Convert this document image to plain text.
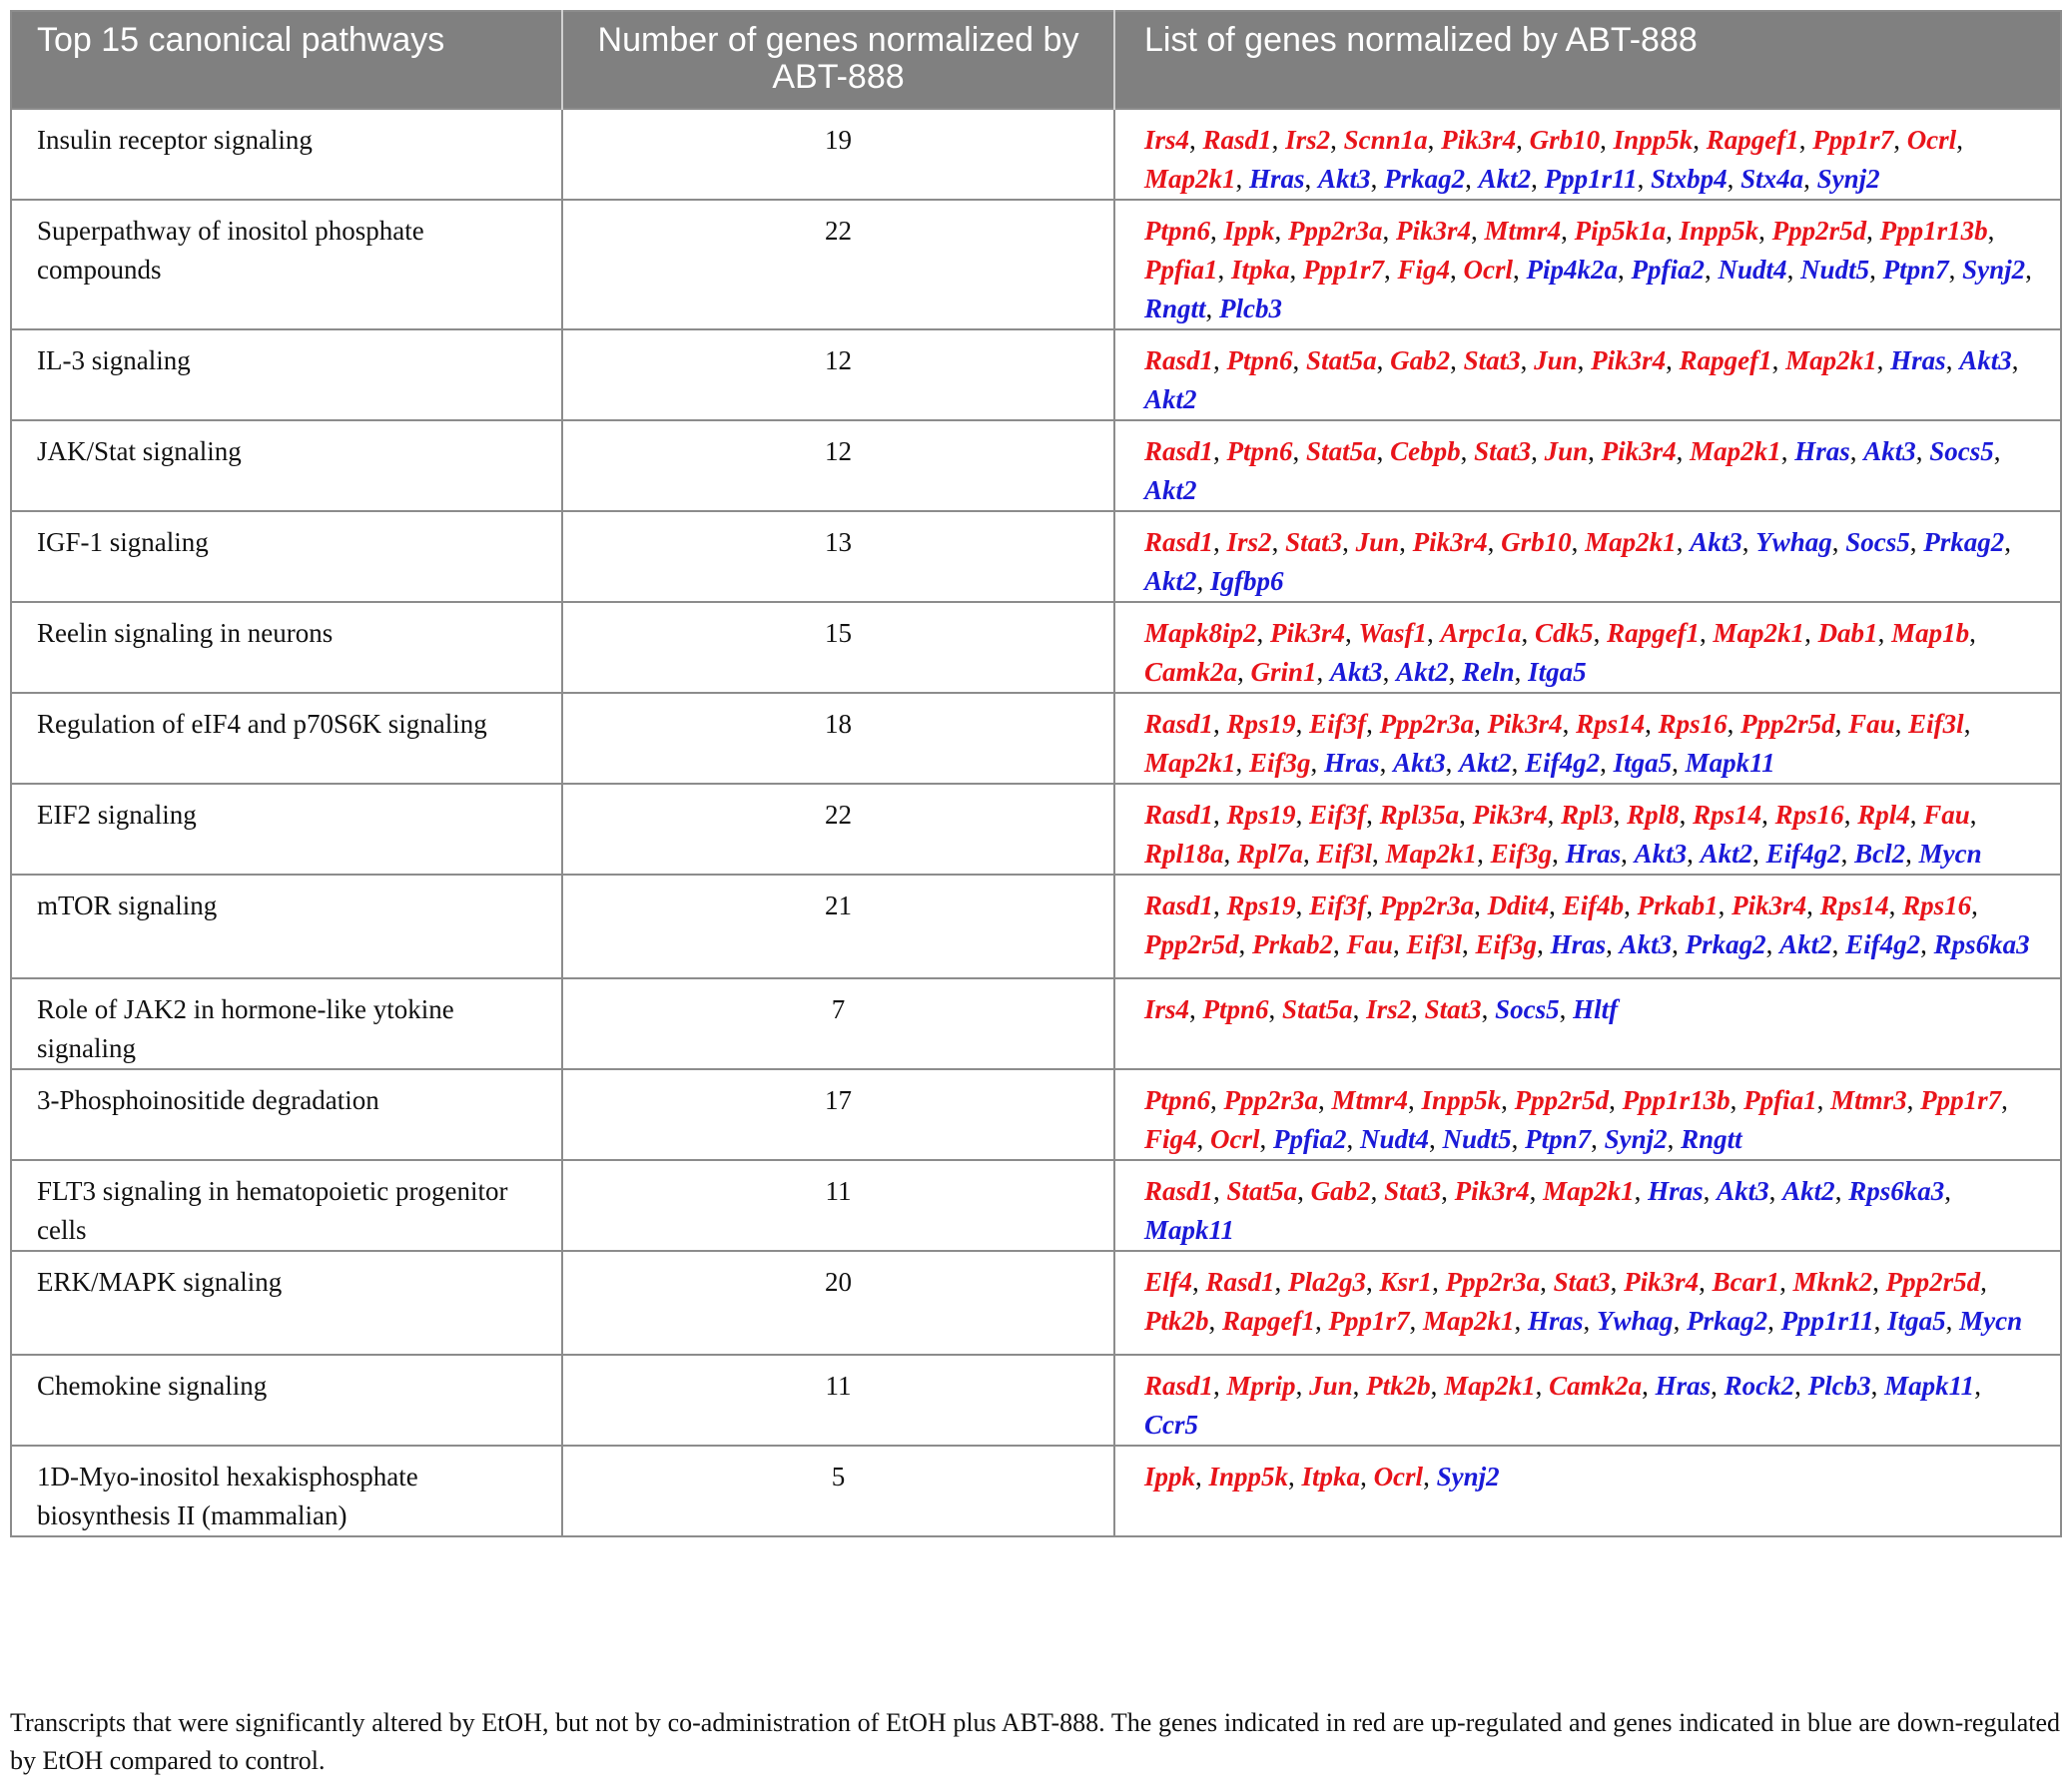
Top 15 canonical pathways	Number of genes normalized by ABT-888	List of genes normalized by ABT-888
Insulin receptor signaling	19	Irs4, Rasd1, Irs2, Scnn1a, Pik3r4, Grb10, Inpp5k, Rapgef1, Ppp1r7, Ocrl, Map2k1, Hras, Akt3, Prkag2, Akt2, Ppp1r11, Stxbp4, Stx4a, Synj2
Superpathway of inositol phosphate compounds	22	Ptpn6, Ippk, Ppp2r3a, Pik3r4, Mtmr4, Pip5k1a, Inpp5k, Ppp2r5d, Ppp1r13b, Ppfia1, Itpka, Ppp1r7, Fig4, Ocrl, Pip4k2a, Ppfia2, Nudt4, Nudt5, Ptpn7, Synj2, Rngtt, Plcb3
IL-3 signaling	12	Rasd1, Ptpn6, Stat5a, Gab2, Stat3, Jun, Pik3r4, Rapgef1, Map2k1, Hras, Akt3, Akt2
JAK/Stat signaling	12	Rasd1, Ptpn6, Stat5a, Cebpb, Stat3, Jun, Pik3r4, Map2k1, Hras, Akt3, Socs5, Akt2
IGF-1 signaling	13	Rasd1, Irs2, Stat3, Jun, Pik3r4, Grb10, Map2k1, Akt3, Ywhag, Socs5, Prkag2, Akt2, Igfbp6
Reelin signaling in neurons	15	Mapk8ip2, Pik3r4, Wasf1, Arpc1a, Cdk5, Rapgef1, Map2k1, Dab1, Map1b, Camk2a, Grin1, Akt3, Akt2, Reln, Itga5
Regulation of eIF4 and p70S6K signaling	18	Rasd1, Rps19, Eif3f, Ppp2r3a, Pik3r4, Rps14, Rps16, Ppp2r5d, Fau, Eif3l, Map2k1, Eif3g, Hras, Akt3, Akt2, Eif4g2, Itga5, Mapk11
EIF2 signaling	22	Rasd1, Rps19, Eif3f, Rpl35a, Pik3r4, Rpl3, Rpl8, Rps14, Rps16, Rpl4, Fau, Rpl18a, Rpl7a, Eif3l, Map2k1, Eif3g, Hras, Akt3, Akt2, Eif4g2, Bcl2, Mycn
mTOR signaling	21	Rasd1, Rps19, Eif3f, Ppp2r3a, Ddit4, Eif4b, Prkab1, Pik3r4, Rps14, Rps16, Ppp2r5d, Prkab2, Fau, Eif3l, Eif3g, Hras, Akt3, Prkag2, Akt2, Eif4g2, Rps6ka3
Role of JAK2 in hormone-like ytokine signaling	7	Irs4, Ptpn6, Stat5a, Irs2, Stat3, Socs5, Hltf
3-Phosphoinositide degradation	17	Ptpn6, Ppp2r3a, Mtmr4, Inpp5k, Ppp2r5d, Ppp1r13b, Ppfia1, Mtmr3, Ppp1r7, Fig4, Ocrl, Ppfia2, Nudt4, Nudt5, Ptpn7, Synj2, Rngtt
FLT3 signaling in hematopoietic progenitor cells	11	Rasd1, Stat5a, Gab2, Stat3, Pik3r4, Map2k1, Hras, Akt3, Akt2, Rps6ka3, Mapk11
ERK/MAPK signaling	20	Elf4, Rasd1, Pla2g3, Ksr1, Ppp2r3a, Stat3, Pik3r4, Bcar1, Mknk2, Ppp2r5d, Ptk2b, Rapgef1, Ppp1r7, Map2k1, Hras, Ywhag, Prkag2, Ppp1r11, Itga5, Mycn
Chemokine signaling	11	Rasd1, Mprip, Jun, Ptk2b, Map2k1, Camk2a, Hras, Rock2, Plcb3, Mapk11, Ccr5
1D-Myo-inositol hexakisphosphate biosynthesis II (mammalian)	5	Ippk, Inpp5k, Itpka, Ocrl, Synj2
Transcripts that were significantly altered by EtOH, but not by co-administration of EtOH plus ABT-888. The genes indicated in red are up-regulated and genes indicated in blue are down-regulated by EtOH compared to control.
